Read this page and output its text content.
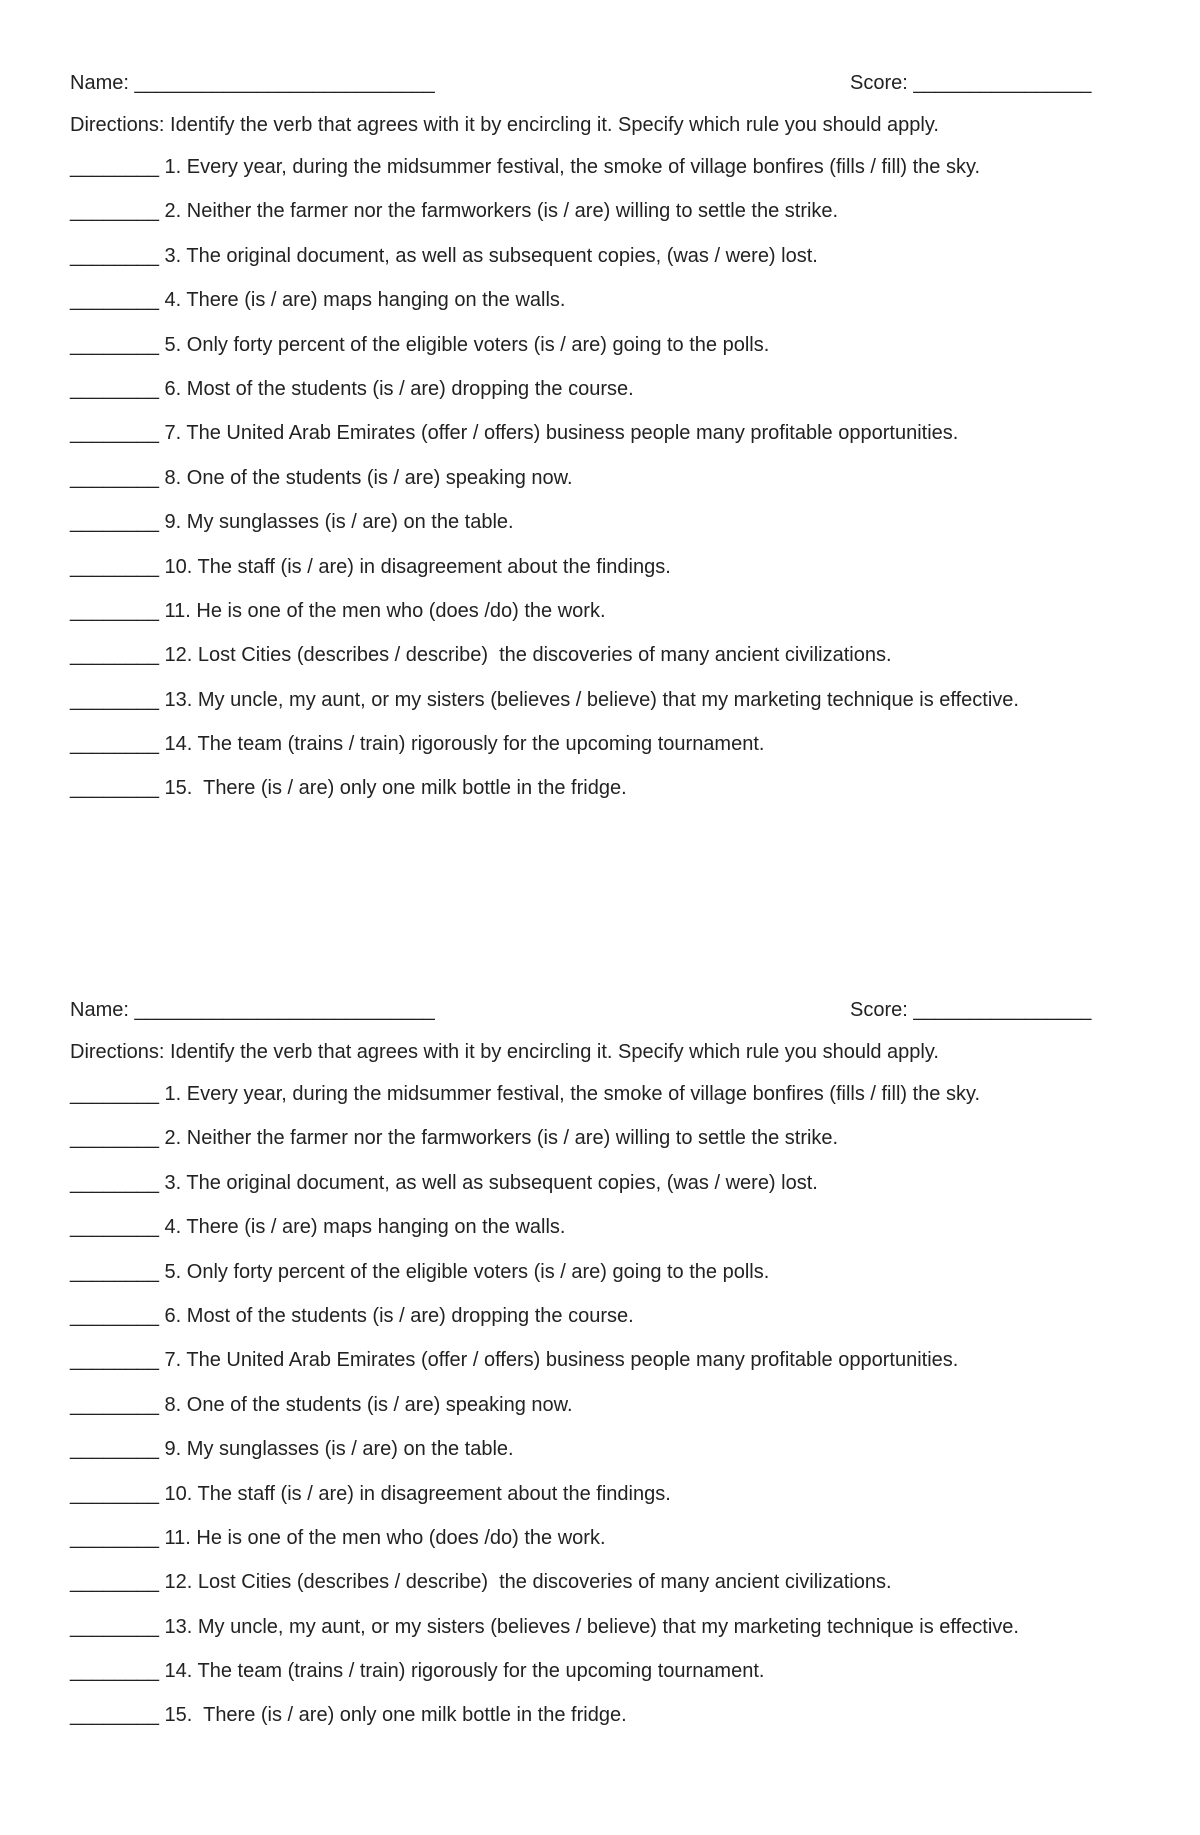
Name: ___________________________	Score: ________________
Directions: Identify the verb that agrees with it by encircling it. Specify which rule you should apply.
________ 1. Every year, during the midsummer festival, the smoke of village bonfires (fills / fill) the sky.
________ 2. Neither the farmer nor the farmworkers (is / are) willing to settle the strike.
________ 3. The original document, as well as subsequent copies, (was / were) lost.
________ 4. There (is / are) maps hanging on the walls.
________ 5. Only forty percent of the eligible voters (is / are) going to the polls.
________ 6. Most of the students (is / are) dropping the course.
________ 7. The United Arab Emirates (offer / offers) business people many profitable opportunities.
________ 8. One of the students (is / are) speaking now.
________ 9. My sunglasses (is / are) on the table.
________ 10. The staff (is / are) in disagreement about the findings.
________ 11. He is one of the men who (does /do) the work.
________ 12. Lost Cities (describes / describe)  the discoveries of many ancient civilizations.
________ 13. My uncle, my aunt, or my sisters (believes / believe) that my marketing technique is effective.
________ 14. The team (trains / train) rigorously for the upcoming tournament.
________ 15.  There (is / are) only one milk bottle in the fridge.
Name: ___________________________	Score: ________________
Directions: Identify the verb that agrees with it by encircling it. Specify which rule you should apply.
________ 1. Every year, during the midsummer festival, the smoke of village bonfires (fills / fill) the sky.
________ 2. Neither the farmer nor the farmworkers (is / are) willing to settle the strike.
________ 3. The original document, as well as subsequent copies, (was / were) lost.
________ 4. There (is / are) maps hanging on the walls.
________ 5. Only forty percent of the eligible voters (is / are) going to the polls.
________ 6. Most of the students (is / are) dropping the course.
________ 7. The United Arab Emirates (offer / offers) business people many profitable opportunities.
________ 8. One of the students (is / are) speaking now.
________ 9. My sunglasses (is / are) on the table.
________ 10. The staff (is / are) in disagreement about the findings.
________ 11. He is one of the men who (does /do) the work.
________ 12. Lost Cities (describes / describe)  the discoveries of many ancient civilizations.
________ 13. My uncle, my aunt, or my sisters (believes / believe) that my marketing technique is effective.
________ 14. The team (trains / train) rigorously for the upcoming tournament.
________ 15.  There (is / are) only one milk bottle in the fridge.
